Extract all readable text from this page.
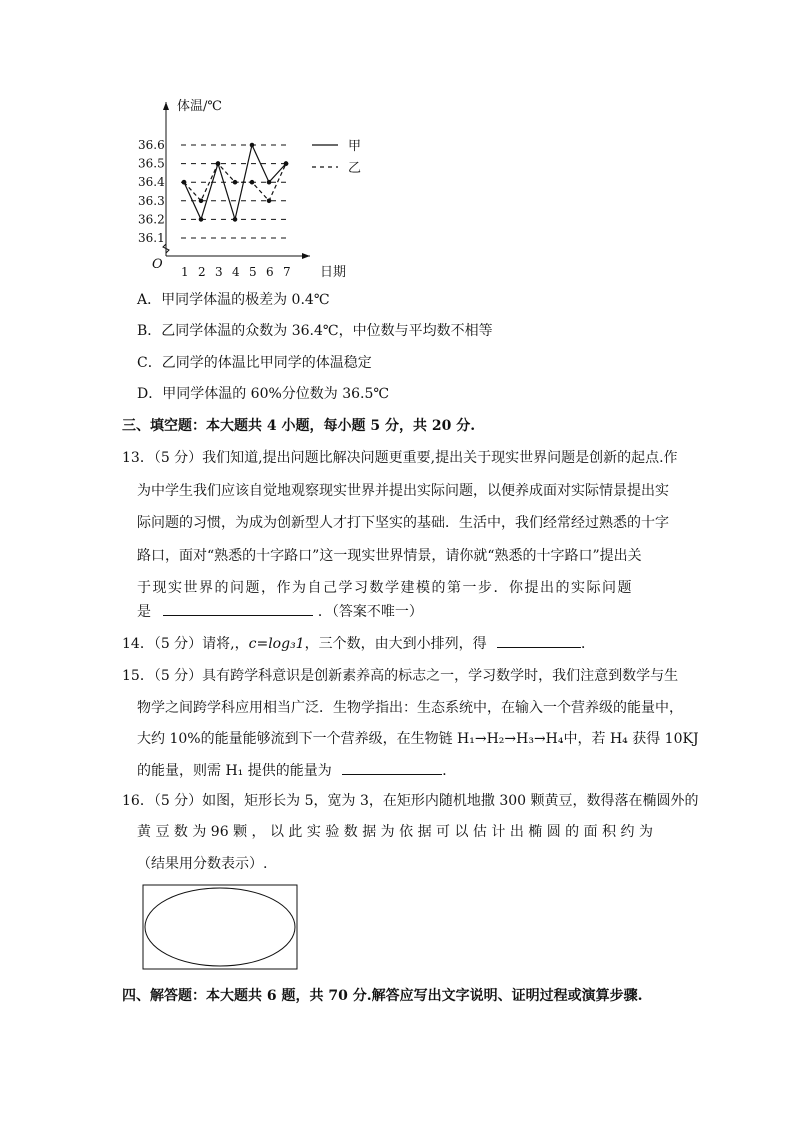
体温/℃
日期
O
36.1
36.2
36.3
36.4
36.5
36.6
1 2 3 4 5 6 7
甲
乙
A．甲同学体温的极差为 0.4℃
B．乙同学体温的众数为 36.4℃，中位数与平均数不相等
C．乙同学的体温比甲同学的体温稳定
D．甲同学体温的 60%分位数为 36.5℃
三、填空题：本大题共 4 小题，每小题 5 分，共 20 分.
13．（5 分）我们知道,提出问题比解决问题更重要,提出关于现实世界问题是创新的起点.作
为中学生我们应该自觉地观察现实世界并提出实际问题，以便养成面对实际情景提出实
际问题的习惯，为成为创新型人才打下坚实的基础．生活中，我们经常经过熟悉的十字
路口，面对“熟悉的十字路口”这一现实世界情景，请你就“熟悉的十字路口”提出关
于现实世界的问题，作为自己学习数学建模的第一步．你提出的实际问题
是	．（答案不唯一）
14．（5 分）请将,，c=log₃1，三个数，由大到小排列，得	．
15．（5 分）具有跨学科意识是创新素养高的标志之一，学习数学时，我们注意到数学与生
物学之间跨学科应用相当广泛．生物学指出：生态系统中，在输入一个营养级的能量中，
大约 10%的能量能够流到下一个营养级，在生物链 H₁→H₂→H₃→H₄中，若 H₄ 获得 10KJ
的能量，则需 H₁ 提供的能量为	．
16．（5 分）如图，矩形长为 5，宽为 3，在矩形内随机地撒 300 颗黄豆，数得落在椭圆外的
黄 豆 数 为 96 颗 ， 以 此 实 验 数 据 为 依 据 可 以 估 计 出 椭 圆 的 面 积 约 为
（结果用分数表示）.
四、解答题：本大题共 6 题，共 70 分.解答应写出文字说明、证明过程或演算步骤.
